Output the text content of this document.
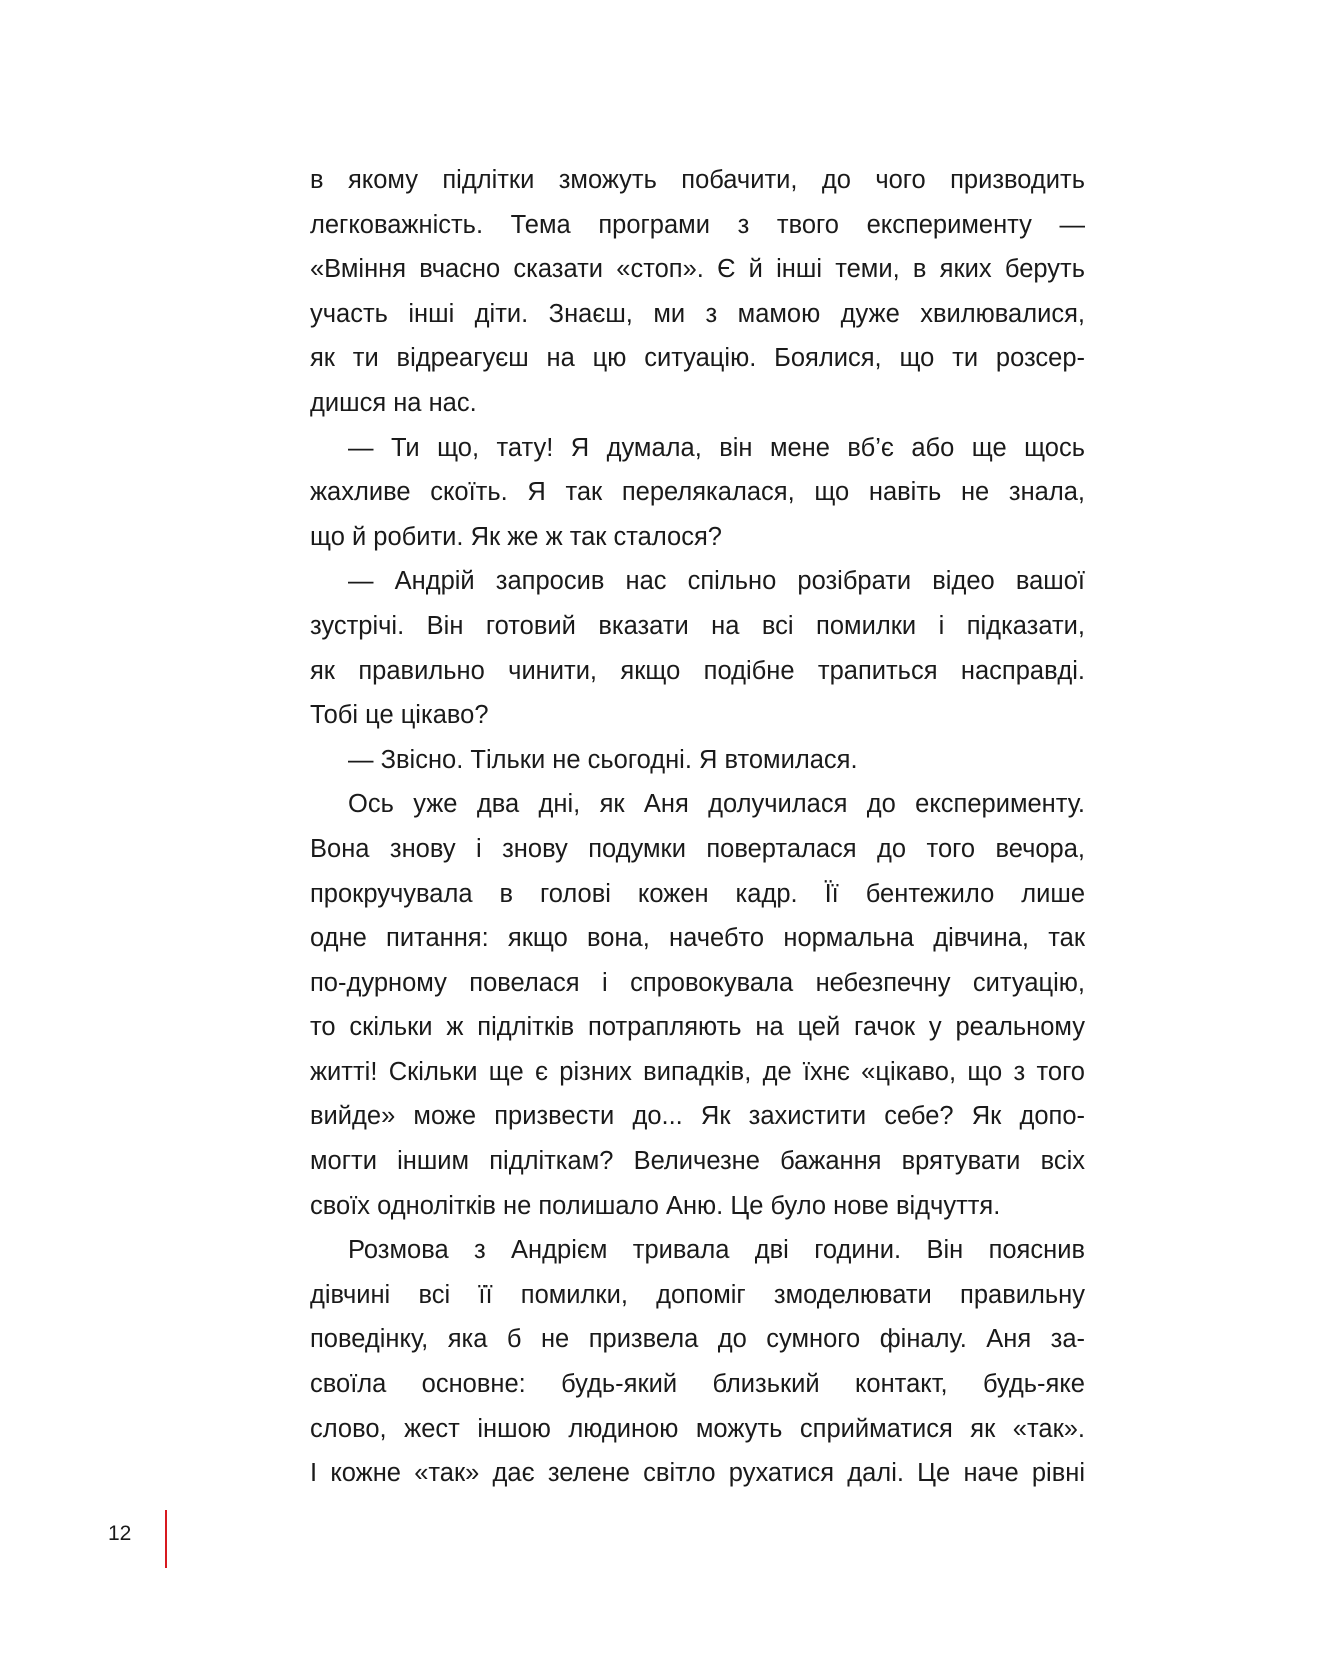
в якому підлітки зможуть побачити, до чого призводить
легковажність. Тема програми з твого експерименту —
«Вміння вчасно сказати «стоп». Є й інші теми, в яких беруть
участь інші діти. Знаєш, ми з мамою дуже хвилювалися,
як ти відреагуєш на цю ситуацію. Боялися, що ти розсер-
дишся на нас.
— Ти що, тату! Я думала, він мене вб’є або ще щось
жахливе скоїть. Я так перелякалася, що навіть не знала,
що й робити. Як же ж так сталося?
— Андрій запросив нас спільно розібрати відео вашої
зустрічі. Він готовий вказати на всі помилки і підказати,
як правильно чинити, якщо подібне трапиться насправді.
Тобі це цікаво?
— Звісно. Тільки не сьогодні. Я втомилася.
Ось уже два дні, як Аня долучилася до експерименту.
Вона знову і знову подумки поверталася до того вечора,
прокручувала в голові кожен кадр. Її бентежило лише
одне питання: якщо вона, начебто нормальна дівчина, так
по-дурному повелася і спровокувала небезпечну ситуацію,
то скільки ж підлітків потрапляють на цей гачок у реальному
житті! Скільки ще є різних випадків, де їхнє «цікаво, що з того
вийде» може призвести до... Як захистити себе? Як допо-
могти іншим підліткам? Величезне бажання врятувати всіх
своїх однолітків не полишало Аню. Це було нове відчуття.
Розмова з Андрієм тривала дві години. Він пояснив
дівчині всі її помилки, допоміг змоделювати правильну
поведінку, яка б не призвела до сумного фіналу. Аня за-
своїла основне: будь-який близький контакт, будь-яке
слово, жест іншою людиною можуть сприйматися як «так».
І кожне «так» дає зелене світло рухатися далі. Це наче рівні
12
